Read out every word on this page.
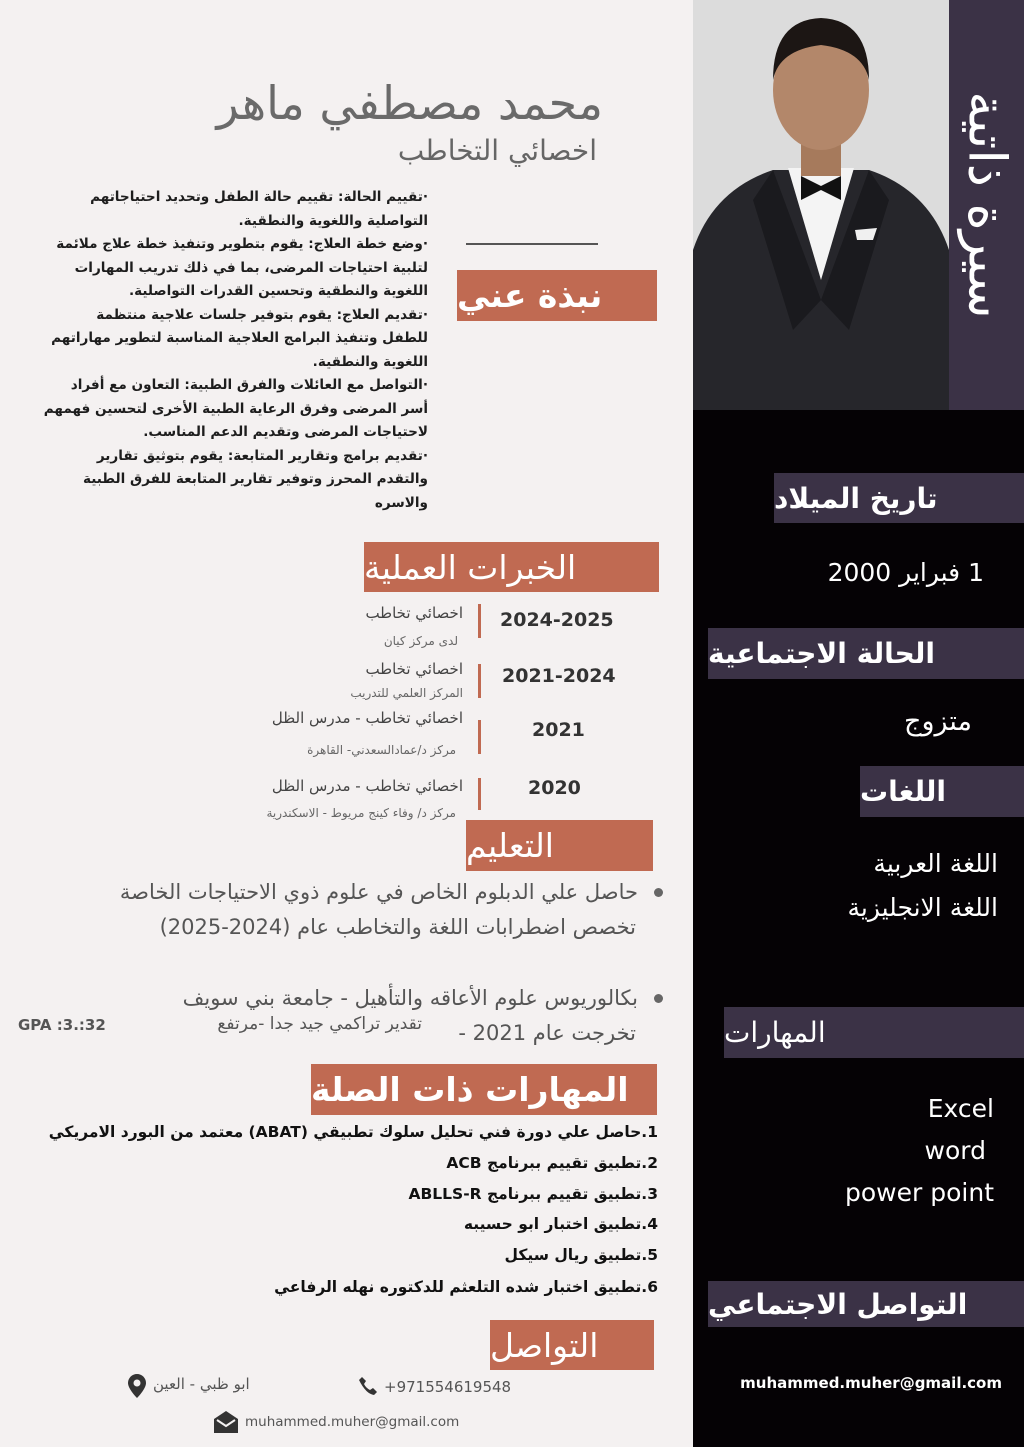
سيرة ذاتية
تاريخ الميلاد
1 فبراير 2000
الحالة الاجتماعية
متزوج
اللغات
اللغة العربية
اللغة الانجليزية
المهارات
Excel
word
power point
التواصل الاجتماعي
muhammed.muher@gmail.com
محمد مصطفي ماهر
اخصائي التخاطب
نبذة عني
·تقييم الحالة: تقييم حالة الطفل وتحديد احتياجاتهم
التواصلية واللغوية والنطقية.
·وضع خطة العلاج: يقوم بتطوير وتنفيذ خطة علاج ملائمة
لتلبية احتياجات المرضى، بما في ذلك تدريب المهارات
اللغوية والنطقية وتحسين القدرات التواصلية.
·تقديم العلاج: يقوم بتوفير جلسات علاجية منتظمة
للطفل وتنفيذ البرامج العلاجية المناسبة لتطوير مهاراتهم
اللغوية والنطقية.
·التواصل مع العائلات والفرق الطبية: التعاون مع أفراد
أسر المرضى وفرق الرعاية الطبية الأخرى لتحسين فهمهم
لاحتياجات المرضى وتقديم الدعم المناسب.
·تقديم برامج وتقارير المتابعة: يقوم بتوثيق تقارير
والتقدم المحرز وتوفير تقارير المتابعة للفرق الطبية
والاسره
الخبرات العملية
2024-2025
اخصائي تخاطب
لدى مركز كيان
2021-2024
اخصائي تخاطب
المركز العلمي للتدريب
2021
اخصائي تخاطب - مدرس الظل
مركز د/عمادالسعدني- القاهرة
2020
اخصائي تخاطب - مدرس الظل
مركز د/ وفاء كينج مريوط - الاسكندرية
التعليم
حاصل علي الدبلوم الخاص في علوم ذوي الاحتياجات الخاصة
تخصص اضطرابات اللغة والتخاطب عام (2024-2025)
بكالوريوس علوم الأعاقه والتأهيل - جامعة بني سويف
تخرجت عام 2021 -
تقدير تراكمي جيد جدا -مرتفع
GPA :3.:32
المهارات ذات الصلة
1.حاصل علي دورة فني تحليل سلوك تطبيقي (ABAT) معتمد من البورد الامريكي
2.تطبيق تقييم ببرنامج ACB
3.تطبيق تقييم ببرنامج ABLLS-R
4.تطبيق اختبار ابو حسيبه
5.تطبيق ريال سيكل
6.تطبيق اختبار شده التلعثم للدكتوره نهله الرفاعي
التواصل
ابو ظبي - العين	+971554619548
muhammed.muher@gmail.com
